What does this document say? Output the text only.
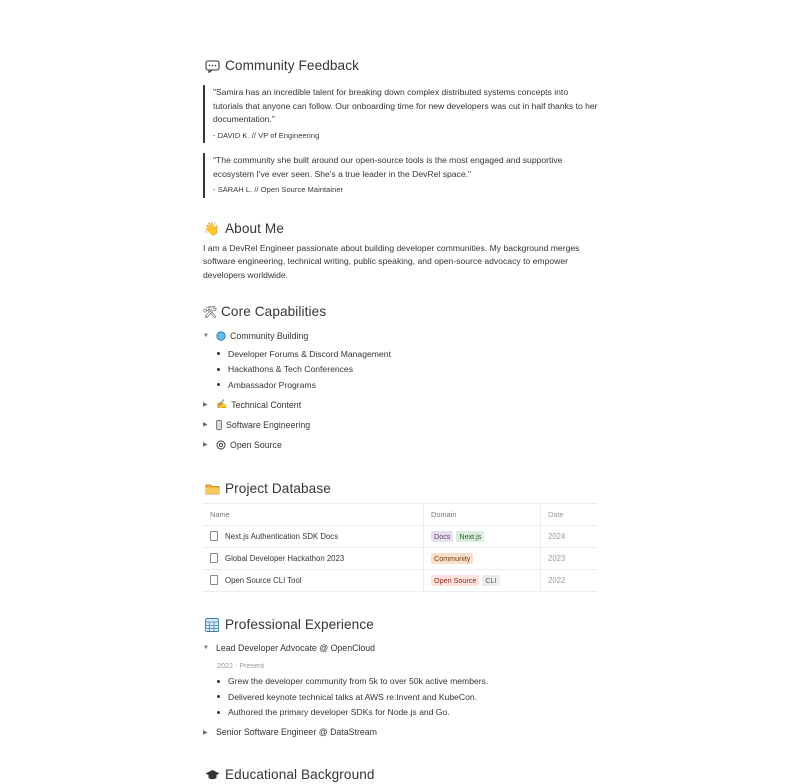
Community Feedback
"Samira has an incredible talent for breaking down complex distributed systems concepts into tutorials that anyone can follow. Our onboarding time for new developers was cut in half thanks to her documentation."
- DAVID K. // VP of Engineering
"The community she built around our open-source tools is the most engaged and supportive ecosystem I've ever seen. She's a true leader in the DevRel space."
- SARAH L. // Open Source Maintainer
👋 About Me
I am a DevRel Engineer passionate about building developer communities. My background merges software engineering, technical writing, public speaking, and open-source advocacy to empower developers worldwide.
🛠 Core Capabilities
▼	Community Building
Developer Forums & Discord Management
Hackathons & Tech Conferences
Ambassador Programs
▶ ✍️ Technical Content
▶	Software Engineering
▶	Open Source
Project Database
Name	Domain	Date

Next.js Authentication SDK Docs	Docs Next.js	2024

Global Developer Hackathon 2023	Community	2023

Open Source CLI Tool	Open Source CLI	2022
Professional Experience
▼ Lead Developer Advocate @ OpenCloud
2022 · Present
Grew the developer community from 5k to over 50k active members.
Delivered keynote technical talks at AWS re:Invent and KubeCon.
Authored the primary developer SDKs for Node.js and Go.
▶ Senior Software Engineer @ DataStream
Educational Background
